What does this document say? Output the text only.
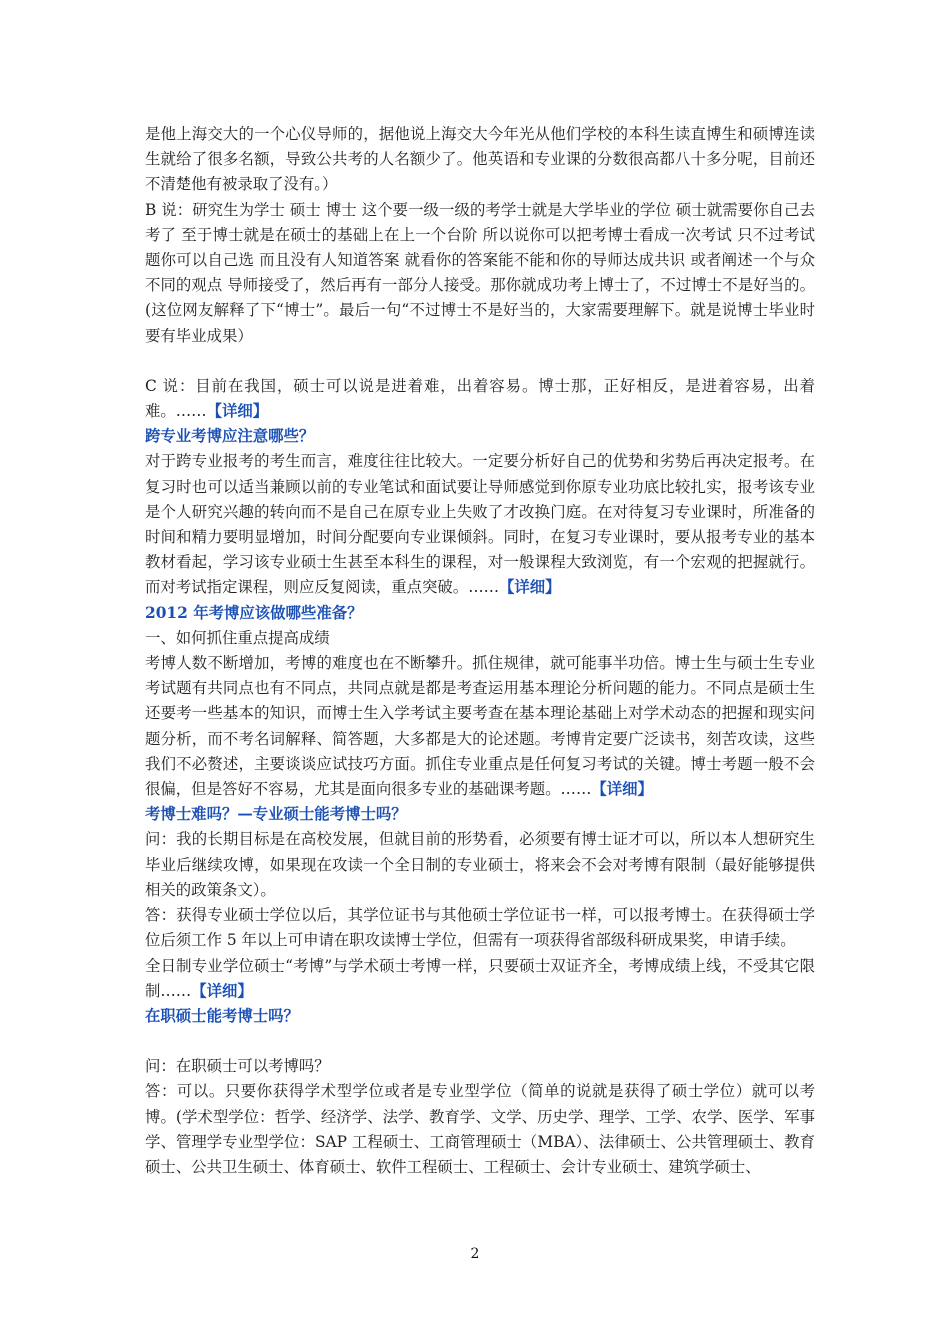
是他上海交大的一个心仪导师的，据他说上海交大今年光从他们学校的本科生读直博生和硕博连读生就给了很多名额，导致公共考的人名额少了。他英语和专业课的分数很高都八十多分呢，目前还不清楚他有被录取了没有。）

B 说：研究生为学士 硕士 博士 这个要一级一级的考学士就是大学毕业的学位 硕士就需要你自己去考了 至于博士就是在硕士的基础上在上一个台阶 所以说你可以把考博士看成一次考试 只不过考试题你可以自己选 而且没有人知道答案 就看你的答案能不能和你的导师达成共识 或者阐述一个与众不同的观点 导师接受了，然后再有一部分人接受。那你就成功考上博士了，不过博士不是好当的。(这位网友解释了下“博士”。最后一句“不过博士不是好当的，大家需要理解下。就是说博士毕业时要有毕业成果）

C 说：目前在我国，硕士可以说是进着难，出着容易。博士那，正好相反，是进着容易，出着难。……【详细】

跨专业考博应注意哪些？

对于跨专业报考的考生而言，难度往往比较大。一定要分析好自己的优势和劣势后再决定报考。在复习时也可以适当兼顾以前的专业笔试和面试要让导师感觉到你原专业功底比较扎实，报考该专业是个人研究兴趣的转向而不是自己在原专业上失败了才改换门庭。在对待复习专业课时，所准备的时间和精力要明显增加，时间分配要向专业课倾斜。同时，在复习专业课时，要从报考专业的基本教材看起，学习该专业硕士生甚至本科生的课程，对一般课程大致浏览，有一个宏观的把握就行。而对考试指定课程，则应反复阅读，重点突破。……【详细】

2012 年考博应该做哪些准备？

一、如何抓住重点提高成绩

考博人数不断增加，考博的难度也在不断攀升。抓住规律，就可能事半功倍。博士生与硕士生专业考试题有共同点也有不同点，共同点就是都是考查运用基本理论分析问题的能力。不同点是硕士生还要考一些基本的知识，而博士生入学考试主要考查在基本理论基础上对学术动态的把握和现实问题分析，而不考名词解释、简答题，大多都是大的论述题。考博肯定要广泛读书，刻苦攻读，这些我们不必赘述，主要谈谈应试技巧方面。抓住专业重点是任何复习考试的关键。博士考题一般不会很偏，但是答好不容易，尤其是面向很多专业的基础课考题。……【详细】

考博士难吗？—专业硕士能考博士吗？

问：我的长期目标是在高校发展，但就目前的形势看，必须要有博士证才可以，所以本人想研究生毕业后继续攻博，如果现在攻读一个全日制的专业硕士，将来会不会对考博有限制（最好能够提供相关的政策条文）。

答：获得专业硕士学位以后，其学位证书与其他硕士学位证书一样，可以报考博士。在获得硕士学位后须工作 5 年以上可申请在职攻读博士学位，但需有一项获得省部级科研成果奖，申请手续。

全日制专业学位硕士“考博”与学术硕士考博一样，只要硕士双证齐全，考博成绩上线，不受其它限制……【详细】

在职硕士能考博士吗？

问：在职硕士可以考博吗？

答：可以。只要你获得学术型学位或者是专业型学位（简单的说就是获得了硕士学位）就可以考博。(学术型学位：哲学、经济学、法学、教育学、文学、历史学、理学、工学、农学、医学、军事学、管理学专业型学位：SAP 工程硕士、工商管理硕士（MBA）、法律硕士、公共管理硕士、教育硕士、公共卫生硕士、体育硕士、软件工程硕士、工程硕士、会计专业硕士、建筑学硕士、

2
